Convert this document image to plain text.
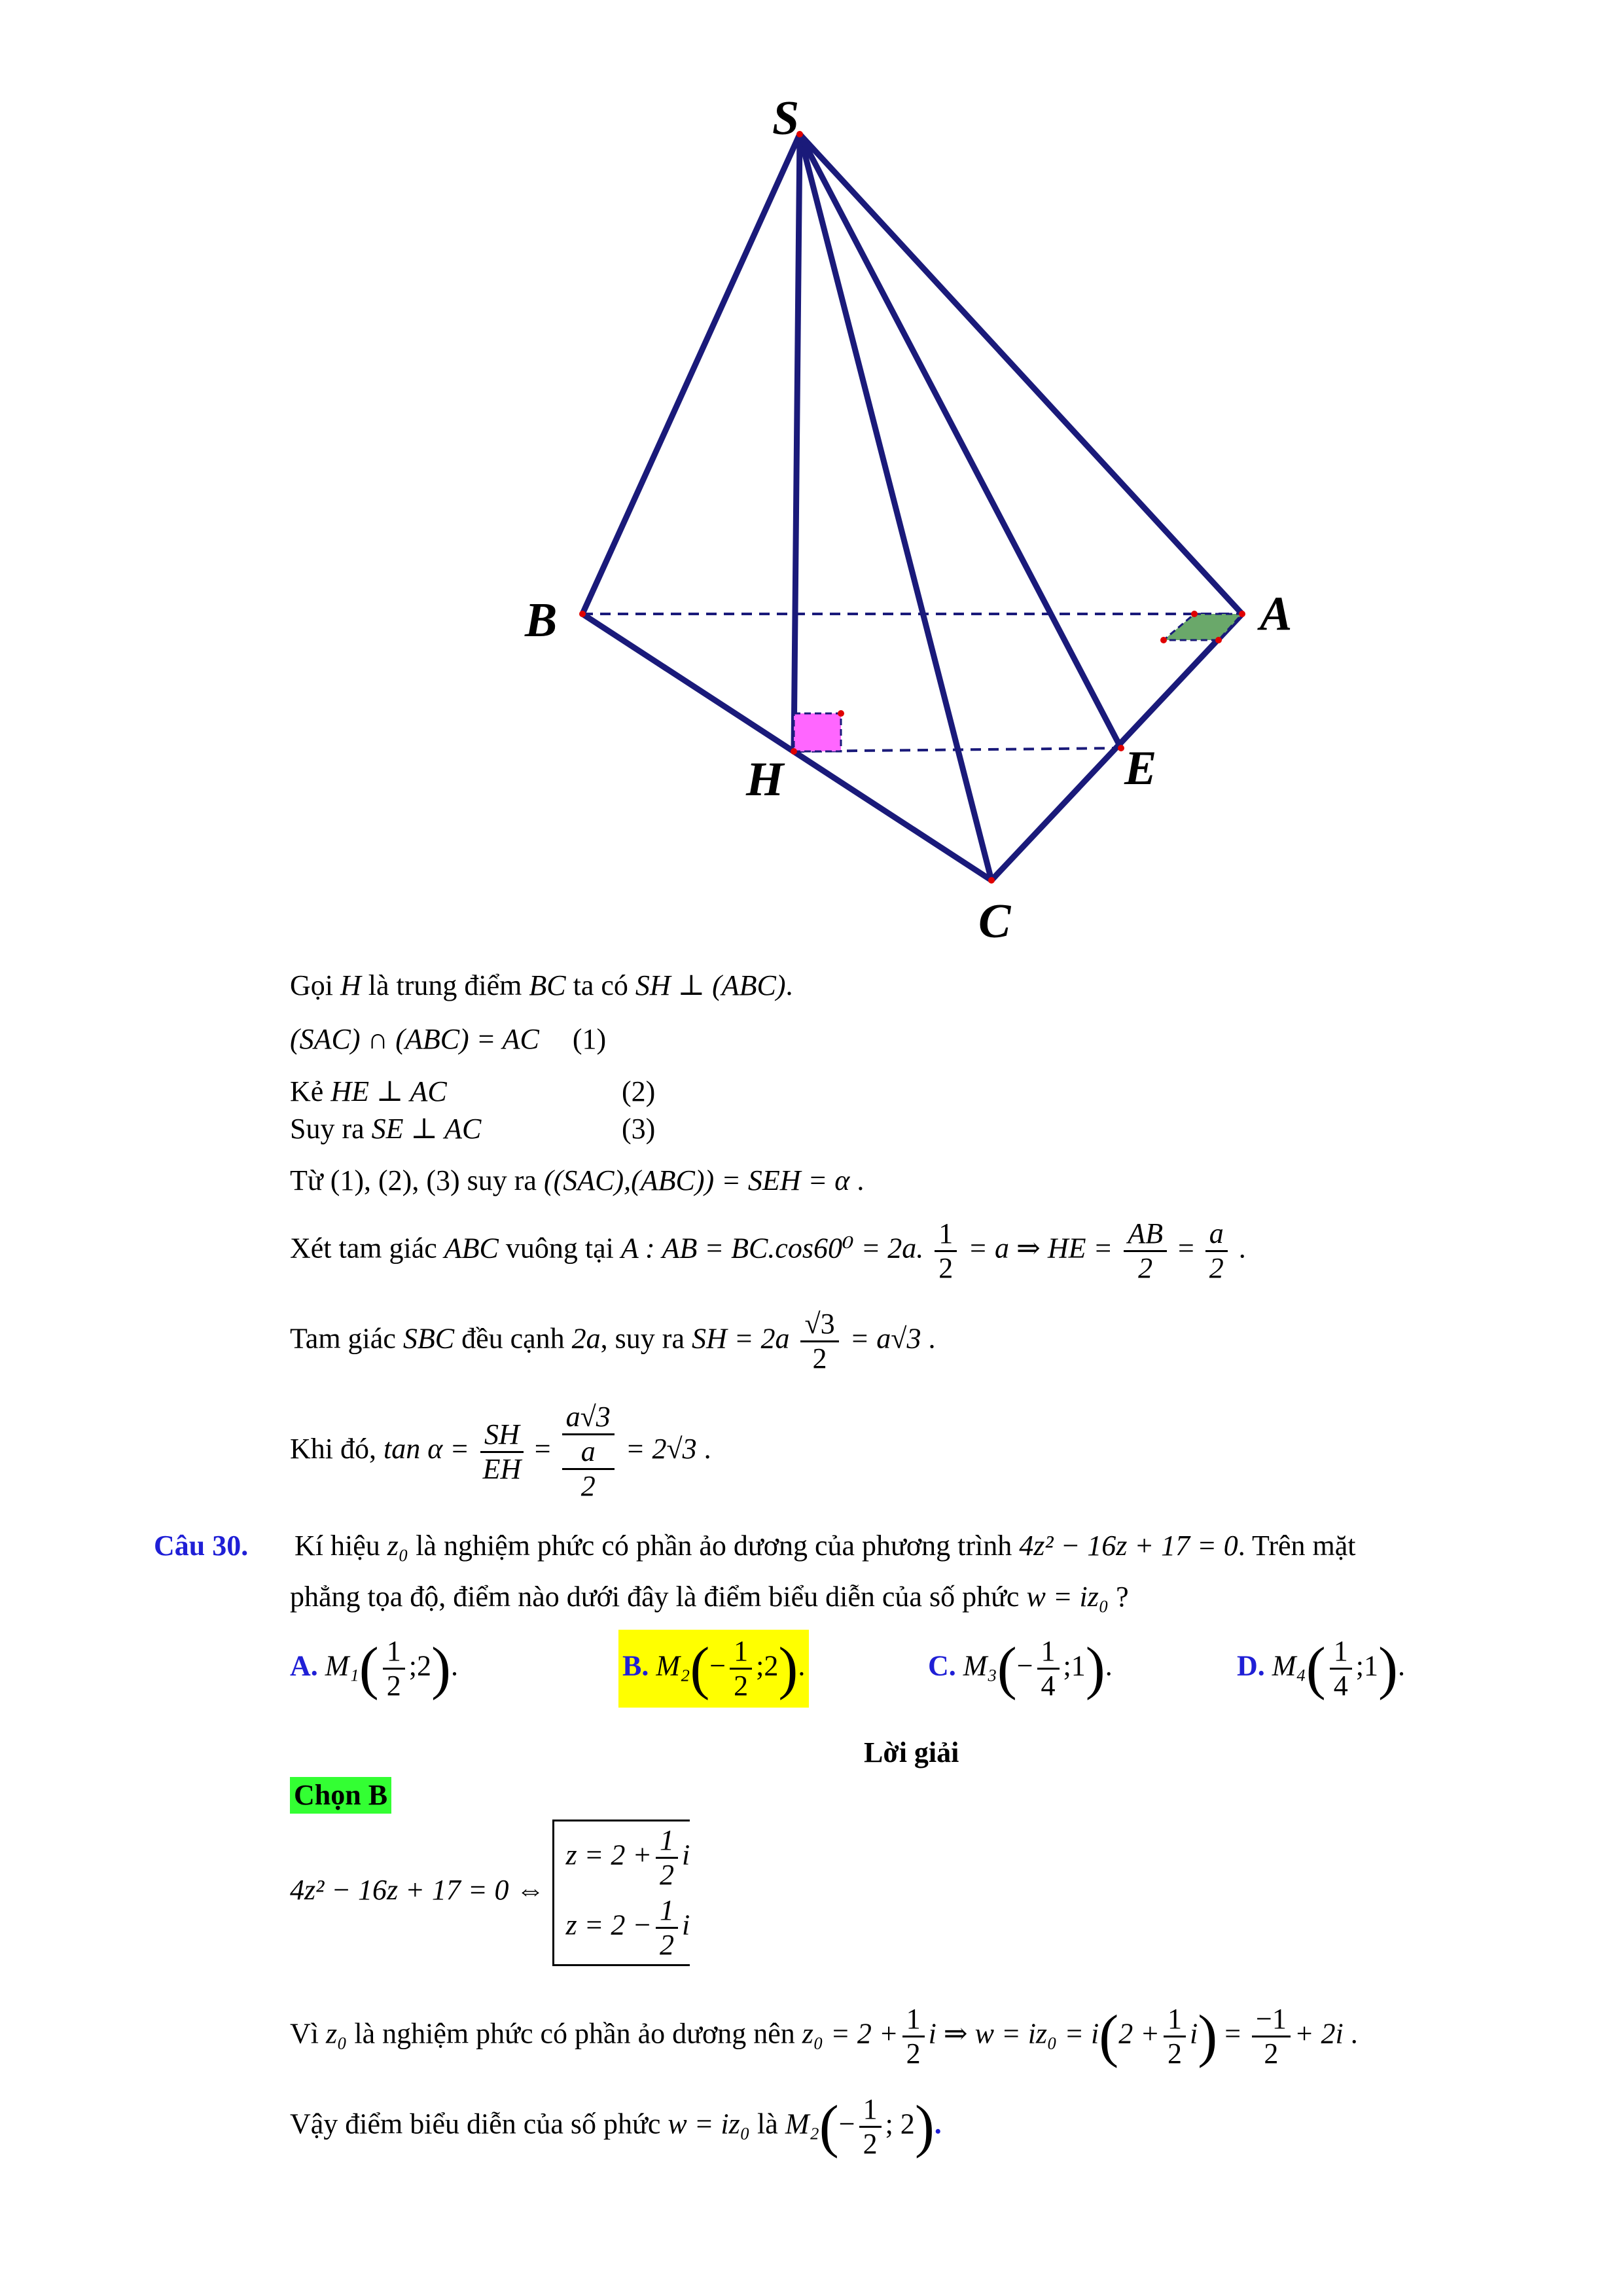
S
A
B
C
H	E
Gọi H là trung điểm BC ta có SH ⊥ (ABC).
(SAC) ∩ (ABC) = AC (1)
Kẻ HE ⊥ AC	(2)
Suy ra SE ⊥ AC	(3)
Từ (1), (2), (3) suy ra ((SAC),(ABC)) = SEH = α .
Xét tam giác ABC vuông tại A : AB = BC.cos60⁰ = 2a. $\frac{1}{2} = a$ ⇒ HE = $\frac{AB}{2} = \frac{a}{2}$ .
Tam giác SBC đều cạnh 2a, suy ra SH = $2a \frac{√3}{2} = a√3$ .
Khi đó, $\tan \alpha = \frac{SH}{EH} = a√3$
a
2 = 2√3 .
Câu 30. Kí hiệu z₀ là nghiệm phức có phần ảo dương của phương trình 4z² − 16z + 17 = 0. Trên mặt
phẳng tọa độ, điểm nào dưới đây là điểm biểu diễn của số phức w = iz₀ ?
A. $M_1( \frac{1}{2}$ ;2).	B. $M_2(- \frac{1}{2}$ ;2).	C. $M_3(- \frac{1}{4}$ ;1).	D. $M_4( \frac{1}{4}$ ;1).
Lời giải
Chọn B
4z² − 16z + 17 = 0 ⇔
$z = 2 + \frac{1}{2}$ i
$z = 2 - \frac{1}{2}$ i
Vì z₀ là nghiệm phức có phần ảo dương nên $z_0 = 2 + \frac{1}{2}$ i ⇒ $w = iz_0 = i(2 + \frac{1}{2} i) = \frac{-1}{2} + 2i$ .
Vậy điểm biểu diễn của số phức w = iz₀ là $M_2(- \frac{1}{2}$ ; 2).
